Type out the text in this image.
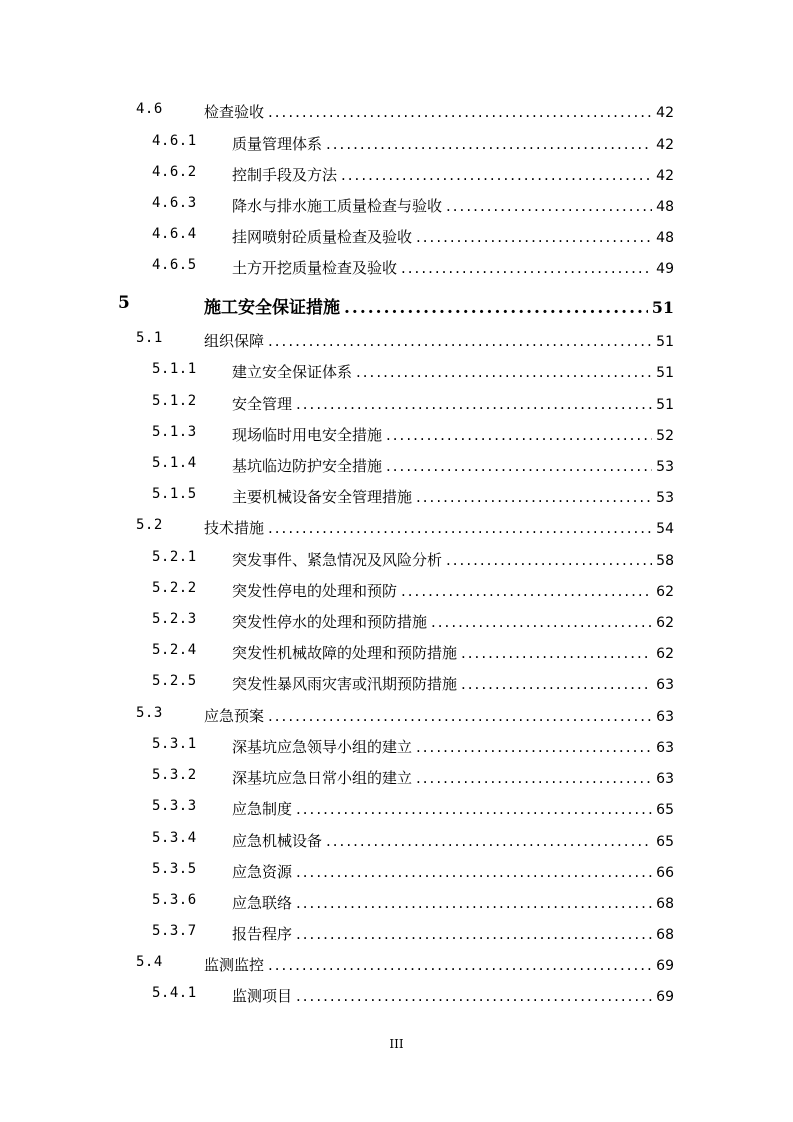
4.6	检查验收 .....	42
4.6.1 质量管理体系 .....	42
4.6.2 控制手段及方法 .....	42
4.6.3 降水与排水施工质量检查与验收 .....	48
4.6.4 挂网喷射砼质量检查及验收 .....	48
4.6.5 土方开挖质量检查及验收 .....	49
5	施工安全保证措施 .....	51
5.1	组织保障 .....	51
5.1.1 建立安全保证体系 .....	51
5.1.2 安全管理 .....	51
5.1.3 现场临时用电安全措施 .....	52
5.1.4 基坑临边防护安全措施 .....	53
5.1.5 主要机械设备安全管理措施 .....	53
5.2	技术措施 .....	54
5.2.1 突发事件、紧急情况及风险分析 .....	58
5.2.2 突发性停电的处理和预防 .....	62
5.2.3 突发性停水的处理和预防措施 .....	62
5.2.4 突发性机械故障的处理和预防措施 .....	62
5.2.5 突发性暴风雨灾害或汛期预防措施 .....	63
5.3	应急预案 .....	63
5.3.1 深基坑应急领导小组的建立 .....	63
5.3.2 深基坑应急日常小组的建立 .....	63
5.3.3 应急制度 .....	65
5.3.4 应急机械设备 .....	65
5.3.5 应急资源 .....	66
5.3.6 应急联络 .....	68
5.3.7 报告程序 .....	68
5.4	监测监控 .....	69
5.4.1 监测项目 .....	69
III
